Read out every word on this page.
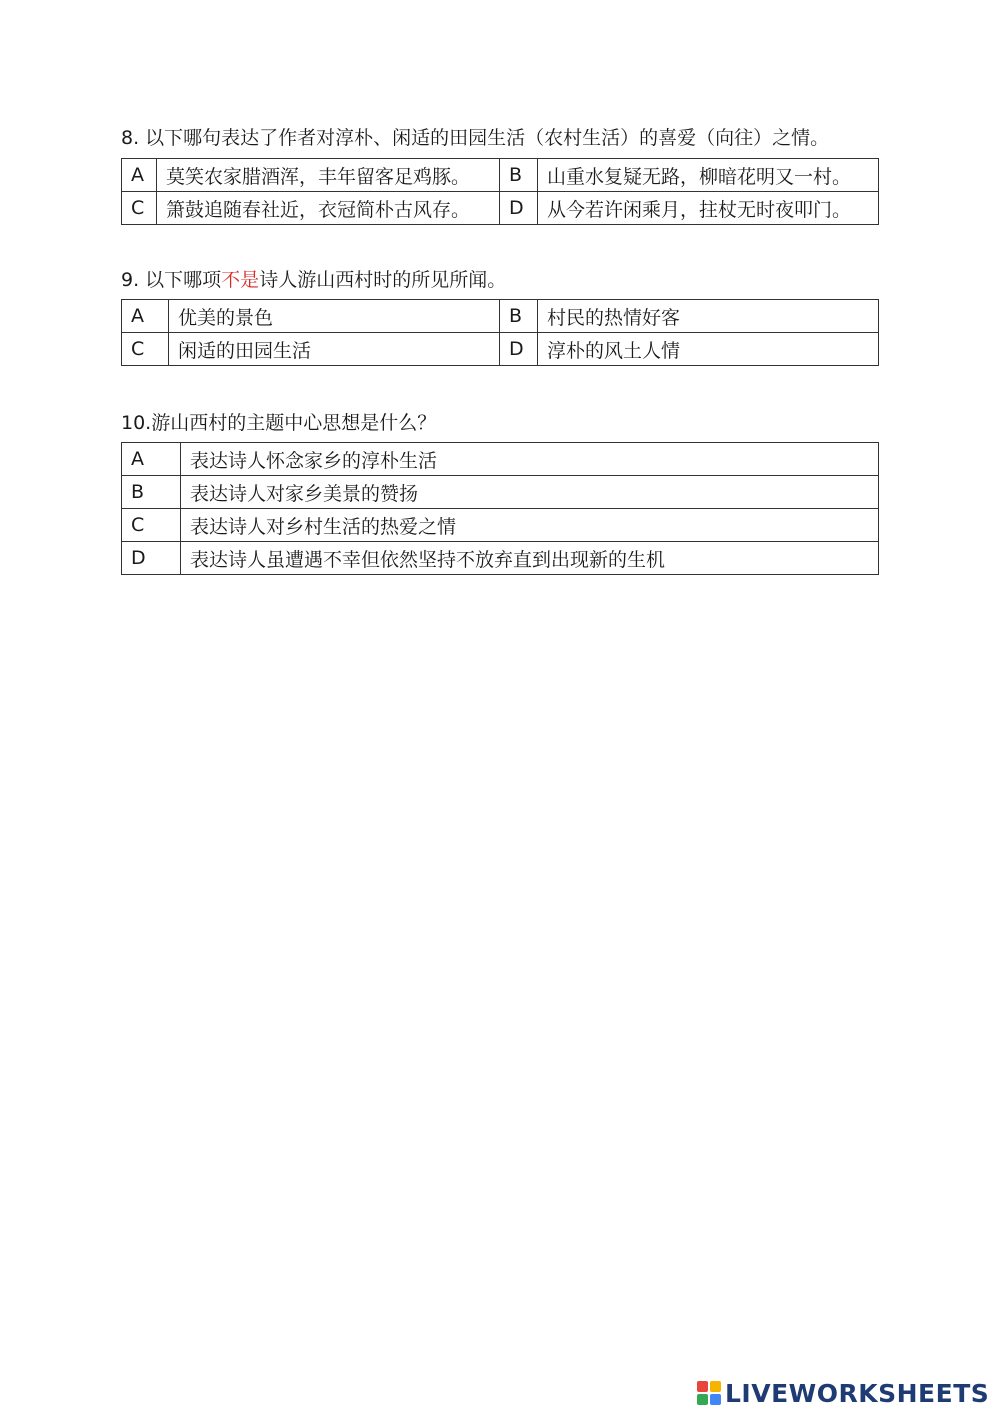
8. 以下哪句表达了作者对淳朴、闲适的田园生活（农村生活）的喜爱（向往）之情。
A	莫笑农家腊酒浑，丰年留客足鸡豚。	B	山重水复疑无路，柳暗花明又一村。
C	箫鼓追随春社近，衣冠简朴古风存。	D	从今若许闲乘月，拄杖无时夜叩门。
9. 以下哪项不是诗人游山西村时的所见所闻。
A	优美的景色	B	村民的热情好客
C	闲适的田园生活	D	淳朴的风土人情
10.游山西村的主题中心思想是什么？
A	表达诗人怀念家乡的淳朴生活
B	表达诗人对家乡美景的赞扬
C	表达诗人对乡村生活的热爱之情
D	表达诗人虽遭遇不幸但依然坚持不放弃直到出现新的生机
LIVEWORKSHEETS
